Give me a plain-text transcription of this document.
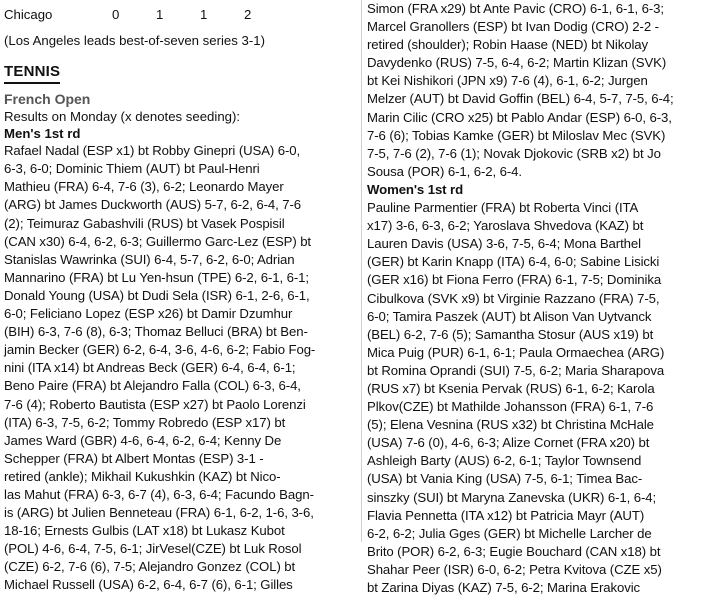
Chicago	0	1	1	2
(Los Angeles leads best-of-seven series 3-1)
TENNIS
French Open
Results on Monday (x denotes seeding):
Men's 1st rd
Rafael Nadal (ESP x1) bt Robby Ginepri (USA) 6-0,
6-3, 6-0; Dominic Thiem (AUT) bt Paul-Henri
Mathieu (FRA) 6-4, 7-6 (3), 6-2; Leonardo Mayer
(ARG) bt James Duckworth (AUS) 5-7, 6-2, 6-4, 7-6
(2); Teimuraz Gabashvili (RUS) bt Vasek Pospisil
(CAN x30) 6-4, 6-2, 6-3; Guillermo Garc-Lez (ESP) bt
Stanislas Wawrinka (SUI) 6-4, 5-7, 6-2, 6-0; Adrian
Mannarino (FRA) bt Lu Yen-hsun (TPE) 6-2, 6-1, 6-1;
Donald Young (USA) bt Dudi Sela (ISR) 6-1, 2-6, 6-1,
6-0; Feliciano Lopez (ESP x26) bt Damir Dzumhur
(BIH) 6-3, 7-6 (8), 6-3; Thomaz Belluci (BRA) bt Ben-
jamin Becker (GER) 6-2, 6-4, 3-6, 4-6, 6-2; Fabio Fog-
nini (ITA x14) bt Andreas Beck (GER) 6-4, 6-4, 6-1;
Beno Paire (FRA) bt Alejandro Falla (COL) 6-3, 6-4,
7-6 (4); Roberto Bautista (ESP x27) bt Paolo Lorenzi
(ITA) 6-3, 7-5, 6-2; Tommy Robredo (ESP x17) bt
James Ward (GBR) 4-6, 6-4, 6-2, 6-4; Kenny De
Schepper (FRA) bt Albert Montas (ESP) 3-1 -
retired (ankle); Mikhail Kukushkin (KAZ) bt Nico-
las Mahut (FRA) 6-3, 6-7 (4), 6-3, 6-4; Facundo Bagn-
is (ARG) bt Julien Benneteau (FRA) 6-1, 6-2, 1-6, 3-6,
18-16; Ernests Gulbis (LAT x18) bt Lukasz Kubot
(POL) 4-6, 6-4, 7-5, 6-1; JirVesel(CZE) bt Luk Rosol
(CZE) 6-2, 7-6 (6), 7-5; Alejandro Gonzez (COL) bt
Michael Russell (USA) 6-2, 6-4, 6-7 (6), 6-1; Gilles
Simon (FRA x29) bt Ante Pavic (CRO) 6-1, 6-1, 6-3;
Marcel Granollers (ESP) bt Ivan Dodig (CRO) 2-2 -
retired (shoulder); Robin Haase (NED) bt Nikolay
Davydenko (RUS) 7-5, 6-4, 6-2; Martin Klizan (SVK)
bt Kei Nishikori (JPN x9) 7-6 (4), 6-1, 6-2; Jurgen
Melzer (AUT) bt David Goffin (BEL) 6-4, 5-7, 7-5, 6-4;
Marin Cilic (CRO x25) bt Pablo Andar (ESP) 6-0, 6-3,
7-6 (6); Tobias Kamke (GER) bt Miloslav Mec (SVK)
7-5, 7-6 (2), 7-6 (1); Novak Djokovic (SRB x2) bt Jo
Sousa (POR) 6-1, 6-2, 6-4.
Women's 1st rd
Pauline Parmentier (FRA) bt Roberta Vinci (ITA
x17) 3-6, 6-3, 6-2; Yaroslava Shvedova (KAZ) bt
Lauren Davis (USA) 3-6, 7-5, 6-4; Mona Barthel
(GER) bt Karin Knapp (ITA) 6-4, 6-0; Sabine Lisicki
(GER x16) bt Fiona Ferro (FRA) 6-1, 7-5; Dominika
Cibulkova (SVK x9) bt Virginie Razzano (FRA) 7-5,
6-0; Tamira Paszek (AUT) bt Alison Van Uytvanck
(BEL) 6-2, 7-6 (5); Samantha Stosur (AUS x19) bt
Mica Puig (PUR) 6-1, 6-1; Paula Ormaechea (ARG)
bt Romina Oprandi (SUI) 7-5, 6-2; Maria Sharapova
(RUS x7) bt Ksenia Pervak (RUS) 6-1, 6-2; Karola
Plkov(CZE) bt Mathilde Johansson (FRA) 6-1, 7-6
(5); Elena Vesnina (RUS x32) bt Christina McHale
(USA) 7-6 (0), 4-6, 6-3; Alize Cornet (FRA x20) bt
Ashleigh Barty (AUS) 6-2, 6-1; Taylor Townsend
(USA) bt Vania King (USA) 7-5, 6-1; Timea Bac-
sinszky (SUI) bt Maryna Zanevska (UKR) 6-1, 6-4;
Flavia Pennetta (ITA x12) bt Patricia Mayr (AUT)
6-2, 6-2; Julia Gges (GER) bt Michelle Larcher de
Brito (POR) 6-2, 6-3; Eugie Bouchard (CAN x18) bt
Shahar Peer (ISR) 6-0, 6-2; Petra Kvitova (CZE x5)
bt Zarina Diyas (KAZ) 7-5, 6-2; Marina Erakovic
